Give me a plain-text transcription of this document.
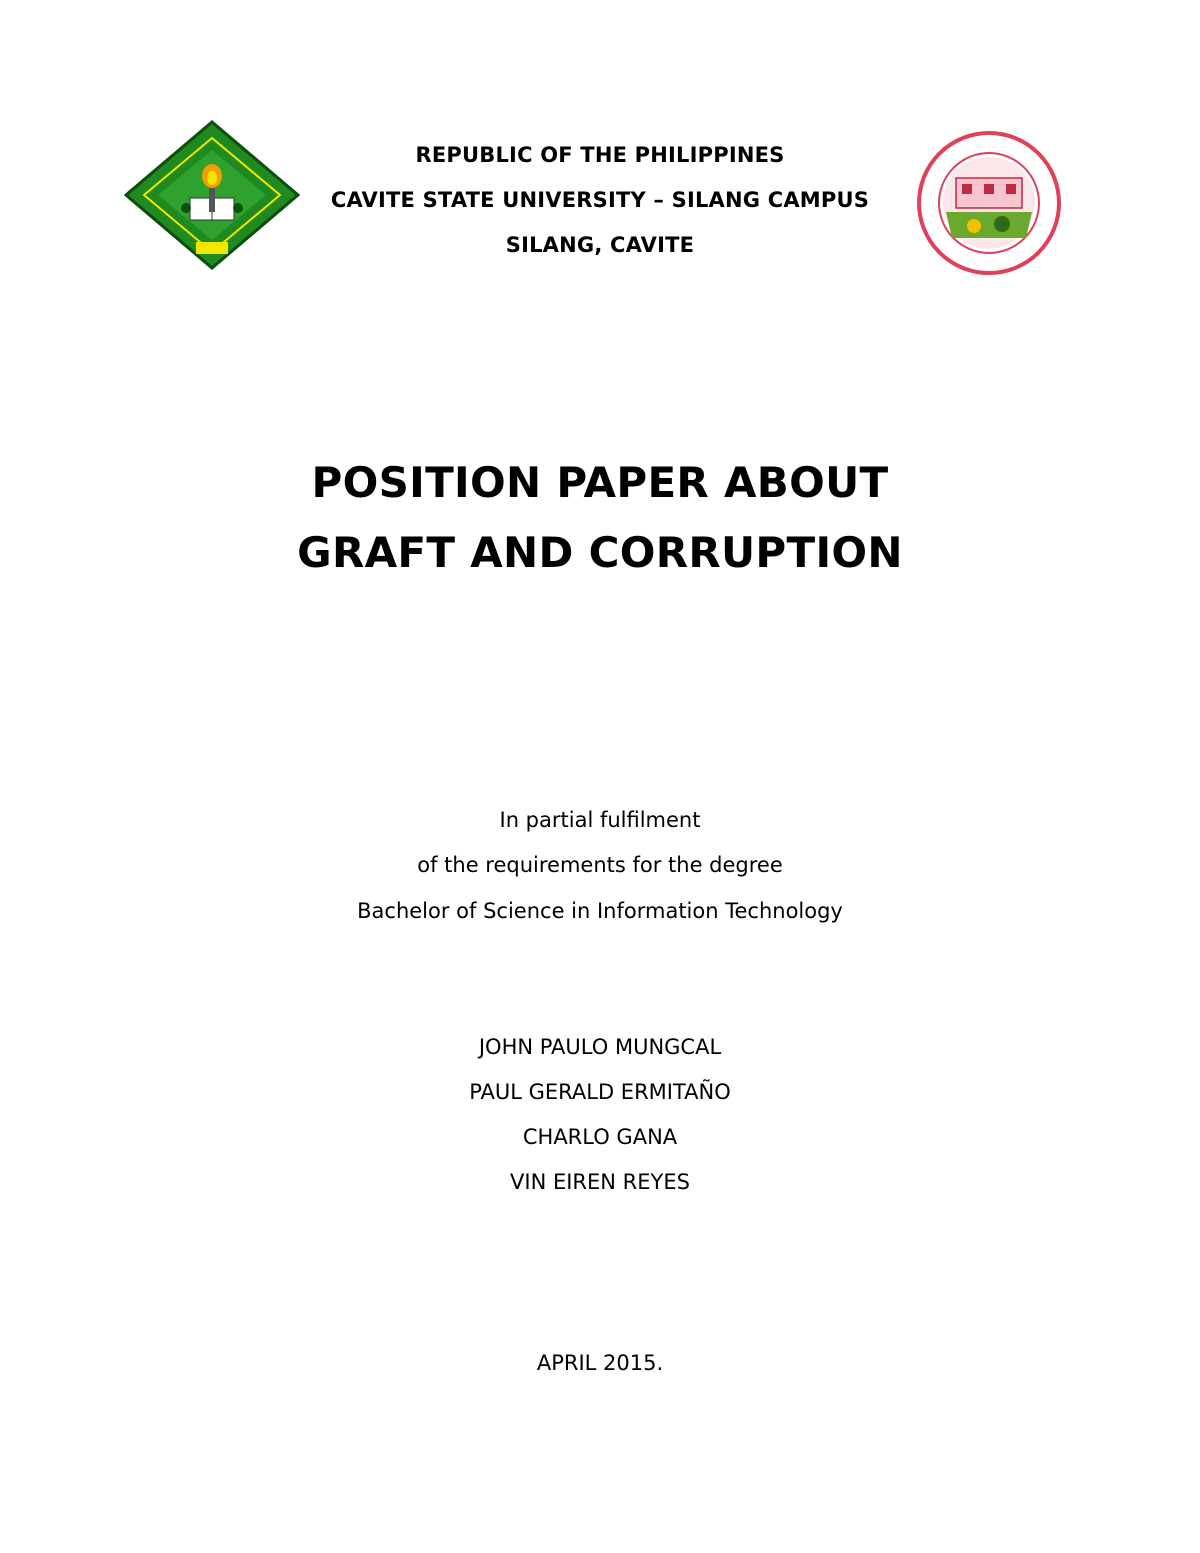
REPUBLIC OF THE PHILIPPINES
CAVITE STATE UNIVERSITY – SILANG CAMPUS
SILANG, CAVITE
POSITION PAPER ABOUT
GRAFT AND CORRUPTION
In partial fulfilment
of the requirements for the degree
Bachelor of Science in Information Technology
JOHN PAULO MUNGCAL
PAUL GERALD ERMITAÑO
CHARLO GANA
VIN EIREN REYES
APRIL 2015.
